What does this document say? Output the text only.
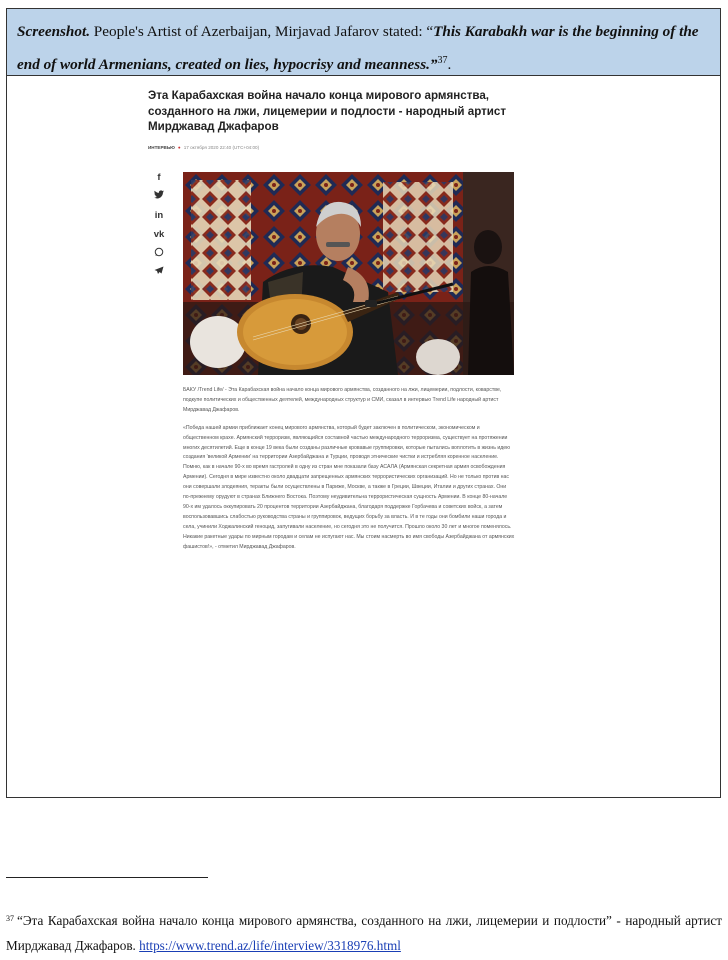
Screenshot. People's Artist of Azerbaijan, Mirjavad Jafarov stated: “This Karabakh war is the beginning of the end of world Armenians, created on lies, hypocrisy and meanness.”$^{37}$.
Эта Карабахская война начало конца мирового армянства, созданного на лжи, лицемерии и подлости - народный артист Мирджавад Джафаров
ИНТЕРВЬЮ ● 17 октября 2020 22:40 (UTC+04:00)
f
in
vk

БАКУ /Trend Life/ - Эта Карабахская война начало конца мирового армянства, созданного на лжи, лицемерии, подлости, коварстве, подкупе политических и общественных деятелей, международных структур и СМИ, сказал в интервью Trend Life народный артист Мирджавад Джафаров.

«Победа нашей армии приближает конец мирового армянства, который будет заключен в политическом, экономическом и общественном крахе. Армянский терроризм, являющийся составной частью международного терроризма, существует на протяжении многих десятилетий. Еще в конце 19 века были созданы различные кровавые группировки, которые пытались воплотить в жизнь идею создания 'великой Армении' на территории Азербайджана и Турции, проводя этнические чистки и истребляя коренное население. Помню, как в начале 90-х во время гастролей в одну из стран мне показали базу АСАЛА (Армянская секретная армия освобождения Армении). Сегодня в мире известно около двадцати запрещенных армянских террористических организаций. Но не только против нас они совершали злодеяния, теракты были осуществлены в Париже, Москве, а также в Греции, Швеции, Италии и других странах. Они по-прежнему орудуют в странах Ближнего Востока. Поэтому неудивительна террористическая сущность Армении. В конце 80-начале 90-х им удалось оккупировать 20 процентов территории Азербайджана, благодаря поддержке Горбачева и советских войск, а затем воспользовавшись слабостью руководства страны и группировок, ведущих борьбу за власть. И в те годы они бомбили наши города и села, учинили Ходжалинский геноцид, запугивали население, но сегодня это не получится. Прошло около 30 лет и многое поменялось. Никакие ракетные удары по мирным городам и селам не испугают нас. Мы стоим насмерть во имя свободы Азербайджана от армянских фашистов!», - отметил Мирджавад Джафаров.

$^{37}$ “Эта Карабахская война начало конца мирового армянства, созданного на лжи, лицемерии и подлости” - народный артист Мирджавад Джафаров. https://www.trend.az/life/interview/3318976.html
